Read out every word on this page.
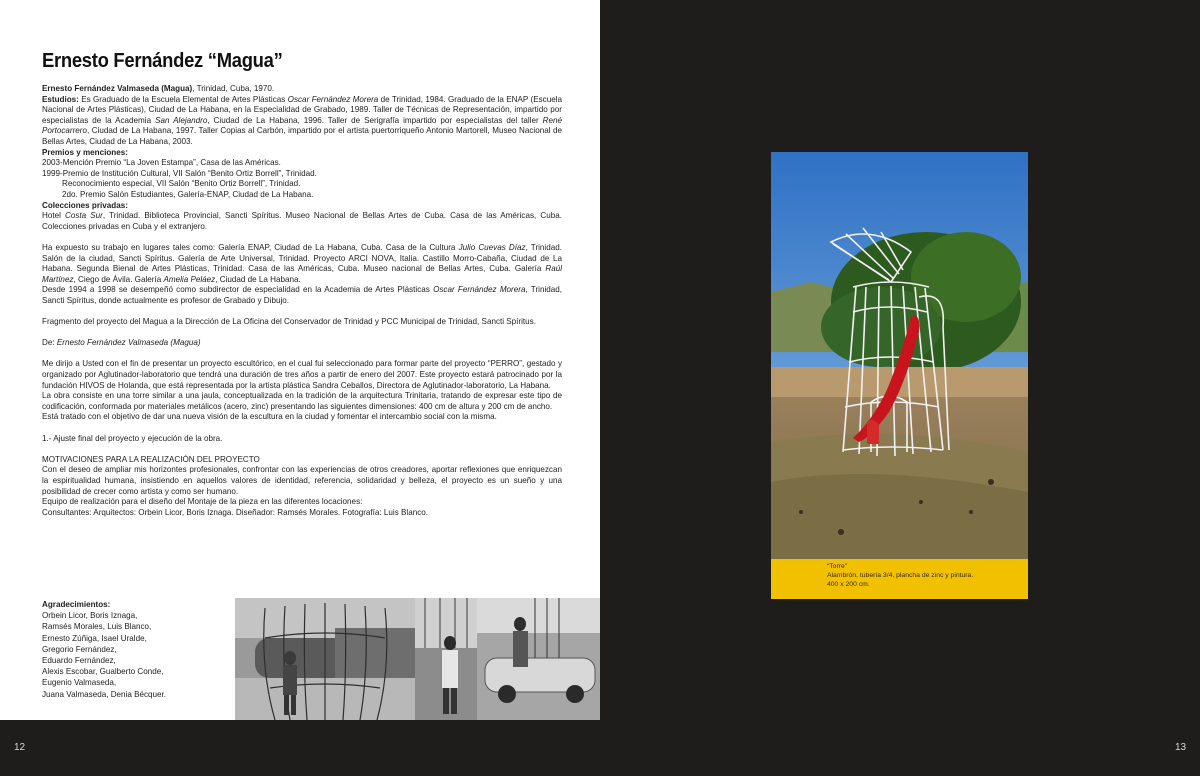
Ernesto Fernández “Magua”

Ernesto Fernández Valmaseda (Magua), Trinidad, Cuba, 1970.

Estudios: Es Graduado de la Escuela Elemental de Artes Plásticas Oscar Fernández Morera de Trinidad, 1984. Graduado de la ENAP (Escuela Nacional de Artes Plásticas), Ciudad de La Habana, en la Especialidad de Grabado, 1989. Taller de Técnicas de Representación, impartido por especialistas de la Academia San Alejandro, Ciudad de La Habana, 1996. Taller de Serigrafía impartido por especialistas del taller René Portocarrero, Ciudad de La Habana, 1997. Taller Copias al Carbón, impartido por el artista puertorriqueño Antonio Martorell, Museo Nacional de Bellas Artes, Ciudad de La Habana, 2003.

Premios y menciones:

2003-Mención Premio “La Joven Estampa”, Casa de las Américas.

1999-Premio de Institución Cultural, VII Salón “Benito Ortiz Borrell”, Trinidad.

Reconocimiento especial, VII Salón “Benito Ortiz Borrell”, Trinidad.

2do. Premio Salón Estudiantes, Galería-ENAP, Ciudad de La Habana.

Colecciones privadas:

Hotel Costa Sur, Trinidad. Biblioteca Provincial, Sancti Spíritus. Museo Nacional de Bellas Artes de Cuba. Casa de las Américas, Cuba. Colecciones privadas en Cuba y el extranjero.

Ha expuesto su trabajo en lugares tales como: Galería ENAP, Ciudad de La Habana, Cuba. Casa de la Cultura Julio Cuevas Díaz, Trinidad. Salón de la ciudad, Sancti Spíritus. Galería de Arte Universal, Trinidad. Proyecto ARCI NOVA, Italia. Castillo Morro-Cabaña, Ciudad de La Habana. Segunda Bienal de Artes Plásticas, Trinidad. Casa de las Américas, Cuba. Museo nacional de Bellas Artes, Cuba. Galería Raúl Martínez, Ciego de Ávila. Galería Amelia Peláez, Ciudad de La Habana.

Desde 1994 a 1998 se desempeñó como subdirector de especialidad en la Academia de Artes Plásticas Oscar Fernández Morera, Trinidad, Sancti Spíritus, donde actualmente es profesor de Grabado y Dibujo.

Fragmento del proyecto del Magua a la Dirección de La Oficina del Conservador de Trinidad y PCC Municipal de Trinidad, Sancti Spíritus.

De: Ernesto Fernández Valmaseda (Magua)

Me dirijo a Usted con el fin de presentar un proyecto escultórico, en el cual fui seleccionado para formar parte del proyecto “PERRO”, gestado y organizado por Aglutinador-laboratorio que tendrá una duración de tres años a partir de enero del 2007. Este proyecto estará patrocinado por la fundación HIVOS de Holanda, que está representada por la artista plástica Sandra Ceballos, Directora de Aglutinador-laboratorio, La Habana.

La obra consiste en una torre similar a una jaula, conceptualizada en la tradición de la arquitectura Trinitaria, tratando de expresar este tipo de codificación, conformada por materiales metálicos (acero, zinc) presentando las siguientes dimensiones: 400 cm de altura y 200 cm de ancho.

Está tratado con el objetivo de dar una nueva visión de la escultura en la ciudad y fomentar el intercambio social con la misma.

1.- Ajuste final del proyecto y ejecución de la obra.

MOTIVACIONES PARA LA REALIZACIÓN DEL PROYECTO

Con el deseo de ampliar mis horizontes profesionales, confrontar con las experiencias de otros creadores, aportar reflexiones que enriquezcan la espiritualidad humana, insistiendo en aquellos valores de identidad, referencia, solidaridad y belleza, el proyecto es un sueño y una posibilidad de crecer como artista y como ser humano.

Equipo de realización para el diseño del Montaje de la pieza en las diferentes locaciones:

Consultantes: Arquitectos: Orbein Licor, Boris Iznaga. Diseñador: Ramsés Morales. Fotografía: Luis Blanco.

Agradecimientos:
Orbein Licor, Boris Iznaga,
Ramsés Morales, Luis Blanco,
Ernesto Zúñiga, Isael Uralde,
Gregorio Fernández,
Eduardo Fernández,
Alexis Escobar, Gualberto Conde,
Eugenio Valmaseda,
Juana Valmaseda, Denia Bécquer.
“Torre”
Alambrón, tubería 3/4, plancha de zinc y pintura.
400 x 200 cm.
12	13
